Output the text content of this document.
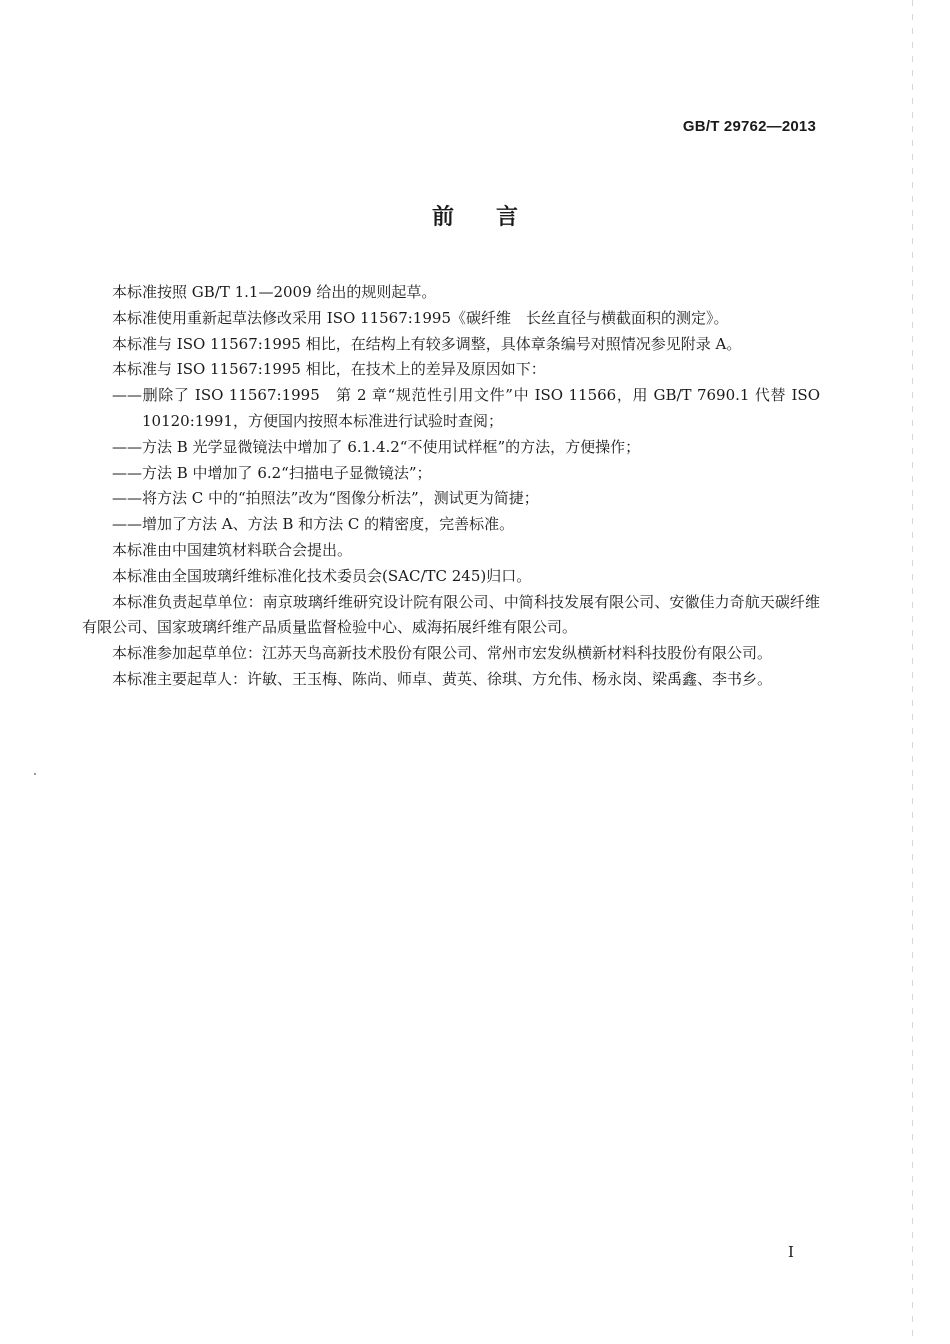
GB/T 29762—2013
前言

本标准按照 GB/T 1.1—2009 给出的规则起草。

本标准使用重新起草法修改采用 ISO 11567:1995《碳纤维　长丝直径与横截面积的测定》。

本标准与 ISO 11567:1995 相比，在结构上有较多调整，具体章条编号对照情况参见附录 A。

本标准与 ISO 11567:1995 相比，在技术上的差异及原因如下：

——删除了 ISO 11567:1995　第 2 章“规范性引用文件”中 ISO 11566，用 GB/T 7690.1 代替 ISO 10120:1991，方便国内按照本标准进行试验时查阅；

——方法 B 光学显微镜法中增加了 6.1.4.2“不使用试样框”的方法，方便操作；

——方法 B 中增加了 6.2“扫描电子显微镜法”；

——将方法 C 中的“拍照法”改为“图像分析法”，测试更为简捷；

——增加了方法 A、方法 B 和方法 C 的精密度，完善标准。

本标准由中国建筑材料联合会提出。

本标准由全国玻璃纤维标准化技术委员会(SAC/TC 245)归口。

本标准负责起草单位：南京玻璃纤维研究设计院有限公司、中简科技发展有限公司、安徽佳力奇航天碳纤维有限公司、国家玻璃纤维产品质量监督检验中心、威海拓展纤维有限公司。

本标准参加起草单位：江苏天鸟高新技术股份有限公司、常州市宏发纵横新材料科技股份有限公司。

本标准主要起草人：许敏、王玉梅、陈尚、师卓、黄英、徐琪、方允伟、杨永岗、梁禹鑫、李书乡。

I
